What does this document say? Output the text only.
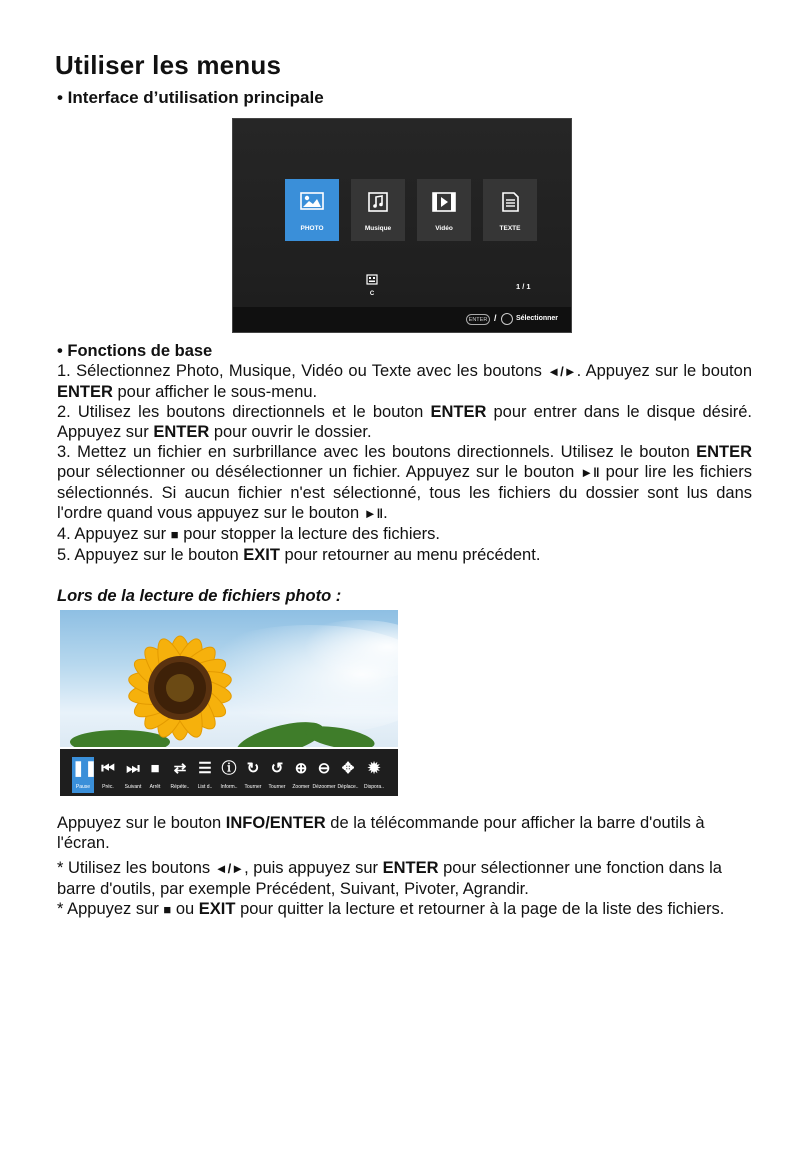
Utiliser les menus
• Interface d’utilisation principale
PHOTO	Musique	Vidéo	TEXTE
C
1 / 1
ENTER /	Sélectionner
• Fonctions de base
1. Sélectionnez Photo, Musique, Vidéo ou Texte avec les boutons ◄/►. Appuyez sur le bouton ENTER pour afficher le sous-menu.
2. Utilisez les boutons directionnels et le bouton ENTER pour entrer dans le disque désiré. Appuyez sur ENTER pour ouvrir le dossier.
3. Mettez un fichier en surbrillance avec les boutons directionnels. Utilisez le bouton ENTER pour sélectionner ou désélectionner un fichier. Appuyez sur le bouton ►‖ pour lire les fichiers sélectionnés. Si aucun fichier n'est sélectionné, tous les fichiers du dossier sont lus dans l'ordre quand vous appuyez sur le bouton ►‖.
4. Appuyez sur ■ pour stopper la lecture des fichiers.
5. Appuyez sur le bouton EXIT pour retourner au menu précédent.
Lors de la lecture de fichiers photo :
❚❚
Pause
⏮
Préc.
⏭
Suivant
■
Arrêt
⇄
Répéte..
☰
List d..
ⓘ
Inform..
↻
Tourner
↺
Tourner
⊕
Zoomer
⊖
Dézoomer
✥
Déplace..
✹
Dispora..
Appuyez sur le bouton INFO/ENTER de la télécommande pour afficher la barre d'outils à l'écran.
* Utilisez les boutons ◄/►, puis appuyez sur ENTER pour sélectionner une fonction dans la barre d'outils, par exemple Précédent, Suivant, Pivoter, Agrandir.
* Appuyez sur ■ ou EXIT pour quitter la lecture et retourner à la page de la liste des fichiers.
